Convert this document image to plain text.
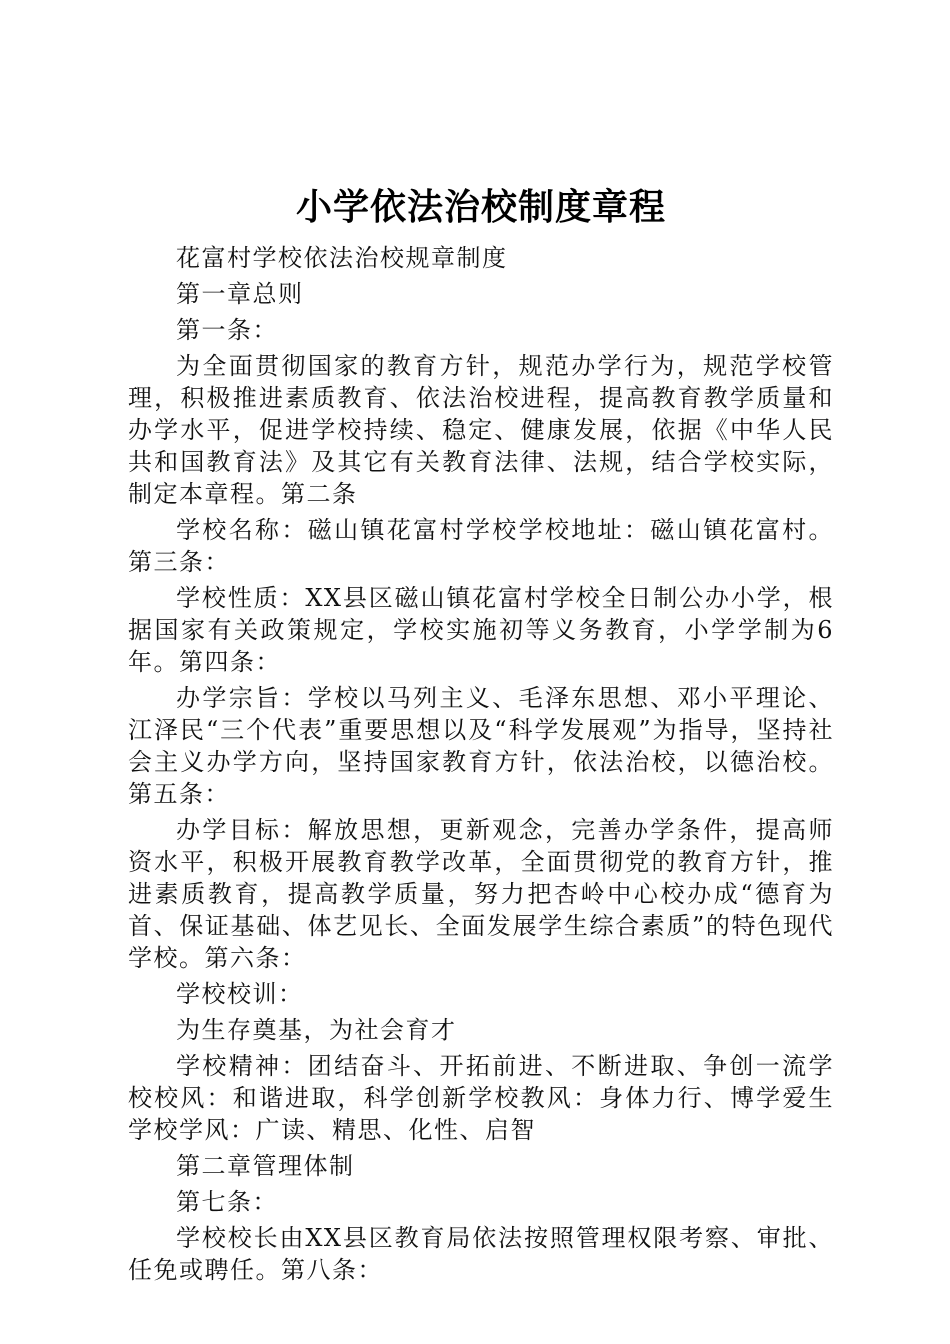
小学依法治校制度章程

花富村学校依法治校规章制度

第一章总则

第一条：

为全面贯彻国家的教育方针，规范办学行为，规范学校管理，积极推进素质教育、依法治校进程，提高教育教学质量和办学水平，促进学校持续、稳定、健康发展，依据《中华人民共和国教育法》及其它有关教育法律、法规，结合学校实际，制定本章程。第二条

学校名称：磁山镇花富村学校学校地址：磁山镇花富村。第三条：

学校性质：XX县区磁山镇花富村学校全日制公办小学，根据国家有关政策规定，学校实施初等义务教育，小学学制为6年。第四条：

办学宗旨：学校以马列主义、毛泽东思想、邓小平理论、江泽民“三个代表”重要思想以及“科学发展观”为指导，坚持社会主义办学方向，坚持国家教育方针，依法治校，以德治校。第五条：

办学目标：解放思想，更新观念，完善办学条件，提高师资水平，积极开展教育教学改革，全面贯彻党的教育方针，推进素质教育，提高教学质量，努力把杏岭中心校办成“德育为首、保证基础、体艺见长、全面发展学生综合素质”的特色现代学校。第六条：

学校校训：

为生存奠基，为社会育才

学校精神：团结奋斗、开拓前进、不断进取、争创一流学校校风：和谐进取，科学创新学校教风：身体力行、博学爱生学校学风：广读、精思、化性、启智

第二章管理体制

第七条：

学校校长由XX县区教育局依法按照管理权限考察、审批、任免或聘任。第八条：
